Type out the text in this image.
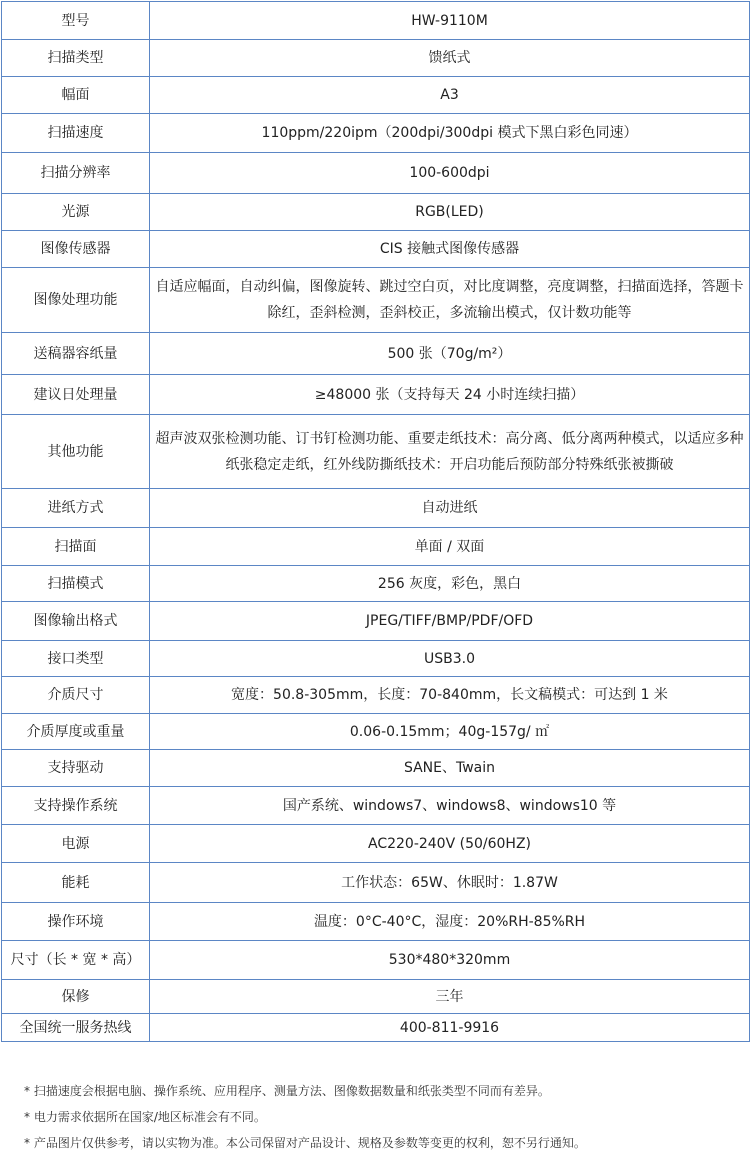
型号	HW-9110M
扫描类型	馈纸式
幅面	A3
扫描速度	110ppm/220ipm（200dpi/300dpi 模式下黑白彩色同速）
扫描分辨率	100-600dpi
光源	RGB(LED)
图像传感器	CIS 接触式图像传感器
图像处理功能	自适应幅面，自动纠偏，图像旋转、跳过空白页，对比度调整，亮度调整，扫描面选择，答题卡除红，歪斜检测，歪斜校正，多流输出模式，仅计数功能等
送稿器容纸量	500 张（70g/m²）
建议日处理量	≥48000 张（支持每天 24 小时连续扫描）
其他功能	超声波双张检测功能、订书钉检测功能、重要走纸技术：高分离、低分离两种模式，以适应多种纸张稳定走纸，红外线防撕纸技术：开启功能后预防部分特殊纸张被撕破
进纸方式	自动进纸
扫描面	单面 / 双面
扫描模式	256 灰度，彩色，黑白
图像输出格式	JPEG/TIFF/BMP/PDF/OFD
接口类型	USB3.0
介质尺寸	宽度：50.8-305mm，长度：70-840mm，长文稿模式：可达到 1 米
介质厚度或重量	0.06-0.15mm；40g-157g/ ㎡
支持驱动	SANE、Twain
支持操作系统	国产系统、windows7、windows8、windows10 等
电源	AC220-240V (50/60HZ)
能耗	工作状态：65W、休眠时：1.87W
操作环境	温度：0°C-40°C，湿度：20%RH-85%RH
尺寸（长 * 宽 * 高）	530*480*320mm
保修	三年
全国统一服务热线	400-811-9916
* 扫描速度会根据电脑、操作系统、应用程序、测量方法、图像数据数量和纸张类型不同而有差异。
* 电力需求依据所在国家/地区标准会有不同。
* 产品图片仅供参考，请以实物为准。本公司保留对产品设计、规格及参数等变更的权利，恕不另行通知。
